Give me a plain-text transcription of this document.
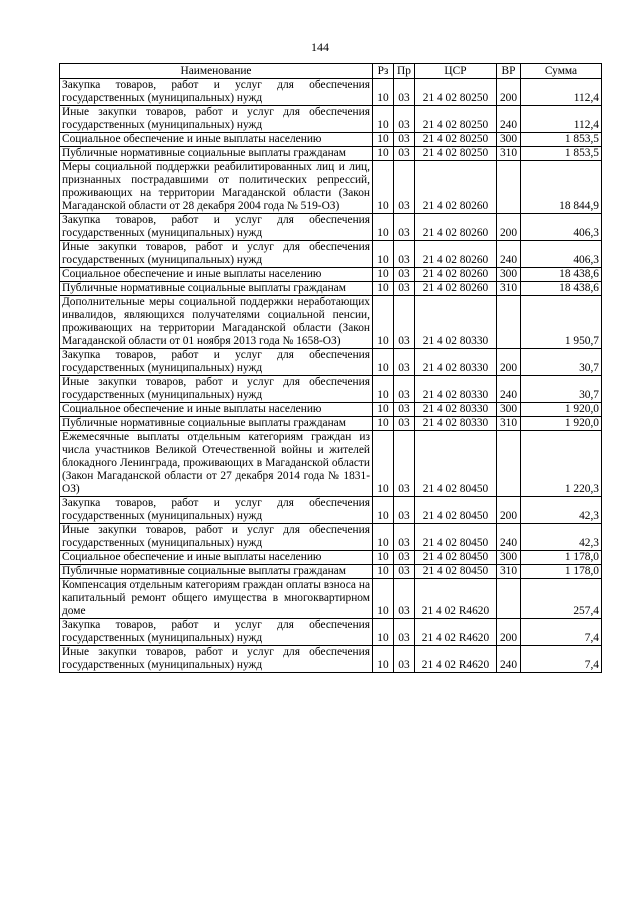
144
Наименование	Рз	Пр	ЦСР	ВР	Сумма
Закупка товаров, работ и услуг для обеспечения государственных (муниципальных) нужд	10	03	21 4 02 80250	200	112,4
Иные закупки товаров, работ и услуг для обеспечения государственных (муниципальных) нужд	10	03	21 4 02 80250	240	112,4
Социальное обеспечение и иные выплаты населению	10	03	21 4 02 80250	300	1 853,5
Публичные нормативные социальные выплаты гражданам	10	03	21 4 02 80250	310	1 853,5
Меры социальной поддержки реабилитированных лиц и лиц, признанных пострадавшими от политических репрессий, проживающих на территории Магаданской области (Закон Магаданской области от 28 декабря 2004 года № 519-ОЗ)	10	03	21 4 02 80260		18 844,9
Закупка товаров, работ и услуг для обеспечения государственных (муниципальных) нужд	10	03	21 4 02 80260	200	406,3
Иные закупки товаров, работ и услуг для обеспечения государственных (муниципальных) нужд	10	03	21 4 02 80260	240	406,3
Социальное обеспечение и иные выплаты населению	10	03	21 4 02 80260	300	18 438,6
Публичные нормативные социальные выплаты гражданам	10	03	21 4 02 80260	310	18 438,6
Дополнительные меры социальной поддержки неработающих инвалидов, являющихся получателями социальной пенсии, проживающих на территории Магаданской области (Закон Магаданской области от 01 ноября 2013 года № 1658-ОЗ)	10	03	21 4 02 80330		1 950,7
Закупка товаров, работ и услуг для обеспечения государственных (муниципальных) нужд	10	03	21 4 02 80330	200	30,7
Иные закупки товаров, работ и услуг для обеспечения государственных (муниципальных) нужд	10	03	21 4 02 80330	240	30,7
Социальное обеспечение и иные выплаты населению	10	03	21 4 02 80330	300	1 920,0
Публичные нормативные социальные выплаты гражданам	10	03	21 4 02 80330	310	1 920,0
Ежемесячные выплаты отдельным категориям граждан из числа участников Великой Отечественной войны и жителей блокадного Ленинграда, проживающих в Магаданской области (Закон Магаданской области от 27 декабря 2014 года № 1831-ОЗ)	10	03	21 4 02 80450		1 220,3
Закупка товаров, работ и услуг для обеспечения государственных (муниципальных) нужд	10	03	21 4 02 80450	200	42,3
Иные закупки товаров, работ и услуг для обеспечения государственных (муниципальных) нужд	10	03	21 4 02 80450	240	42,3
Социальное обеспечение и иные выплаты населению	10	03	21 4 02 80450	300	1 178,0
Публичные нормативные социальные выплаты гражданам	10	03	21 4 02 80450	310	1 178,0
Компенсация отдельным категориям граждан оплаты взноса на капитальный ремонт общего имущества в многоквартирном доме	10	03	21 4 02 R4620		257,4
Закупка товаров, работ и услуг для обеспечения государственных (муниципальных) нужд	10	03	21 4 02 R4620	200	7,4
Иные закупки товаров, работ и услуг для обеспечения государственных (муниципальных) нужд	10	03	21 4 02 R4620	240	7,4
